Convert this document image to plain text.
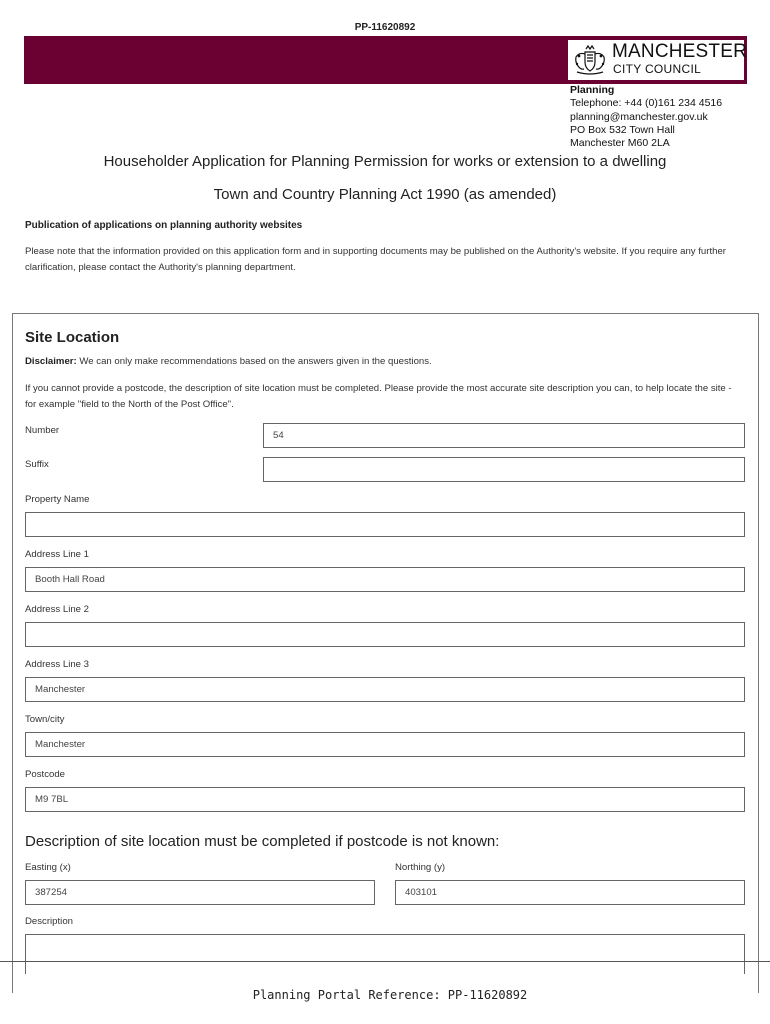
PP-11620892
MANCHESTER
CITY COUNCIL
Planning
Telephone: +44 (0)161 234 4516
planning@manchester.gov.uk
PO Box 532 Town Hall
Manchester M60 2LA
Householder Application for Planning Permission for works or extension to a dwelling
Town and Country Planning Act 1990 (as amended)
Publication of applications on planning authority websites
Please note that the information provided on this application form and in supporting documents may be published on the Authority's website. If you require any further clarification, please contact the Authority's planning department.
Site Location
Disclaimer: We can only make recommendations based on the answers given in the questions.
If you cannot provide a postcode, the description of site location must be completed. Please provide the most accurate site description you can, to help locate the site - for example "field to the North of the Post Office".
Number	54
Suffix
Property Name
Address Line 1
Booth Hall Road
Address Line 2
Address Line 3
Manchester
Town/city
Manchester
Postcode
M9 7BL
Description of site location must be completed if postcode is not known:
Easting (x)
387254
Northing (y)
403101
Description
Planning Portal Reference: PP-11620892
